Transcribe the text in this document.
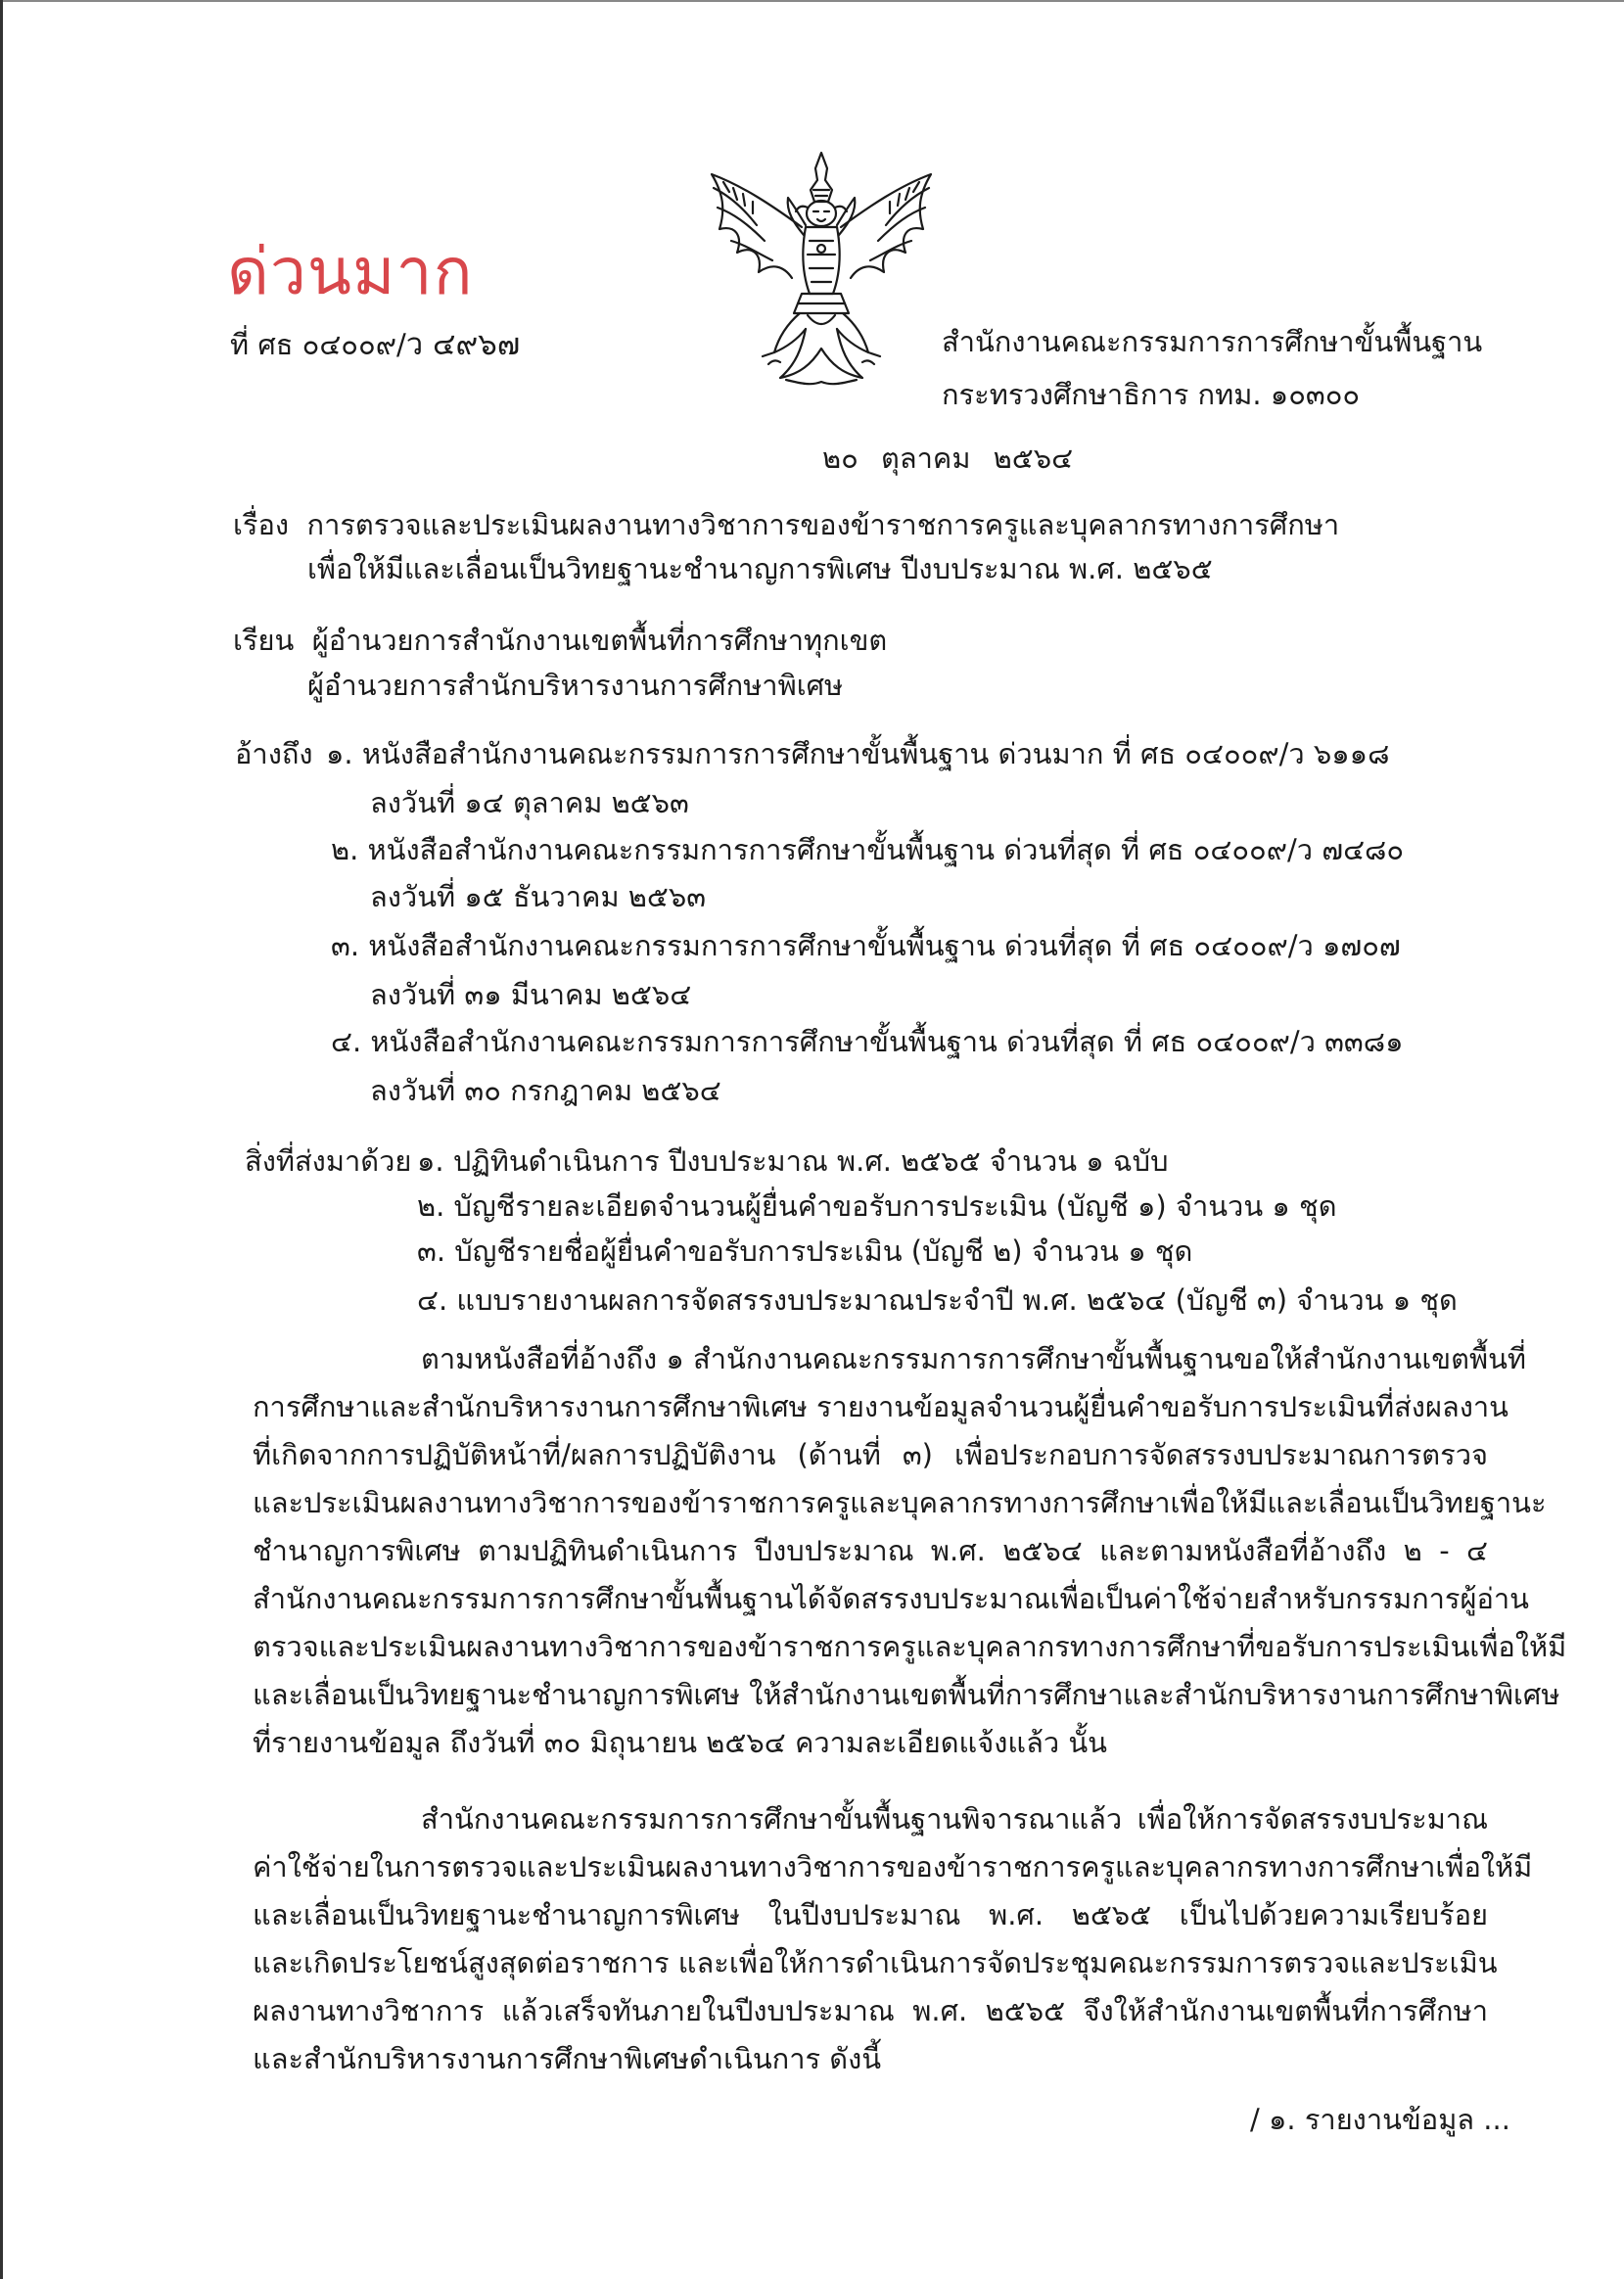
ด่วนมาก
ที่ ศธ ๐๔๐๐๙/ว ๔๙๖๗	สำนักงานคณะกรรมการการศึกษาขั้นพื้นฐาน
กระทรวงศึกษาธิการ กทม. ๑๐๓๐๐
๒๐ ตุลาคม ๒๕๖๔
เรื่อง การตรวจและประเมินผลงานทางวิชาการของข้าราชการครูและบุคลากรทางการศึกษา
เพื่อให้มีและเลื่อนเป็นวิทยฐานะชำนาญการพิเศษ ปีงบประมาณ พ.ศ. ๒๕๖๕
เรียน ผู้อำนวยการสำนักงานเขตพื้นที่การศึกษาทุกเขต
ผู้อำนวยการสำนักบริหารงานการศึกษาพิเศษ
อ้างถึง ๑. หนังสือสำนักงานคณะกรรมการการศึกษาขั้นพื้นฐาน ด่วนมาก ที่ ศธ ๐๔๐๐๙/ว ๖๑๑๘
ลงวันที่ ๑๔ ตุลาคม ๒๕๖๓
๒. หนังสือสำนักงานคณะกรรมการการศึกษาขั้นพื้นฐาน ด่วนที่สุด ที่ ศธ ๐๔๐๐๙/ว ๗๔๘๐
ลงวันที่ ๑๕ ธันวาคม ๒๕๖๓
๓. หนังสือสำนักงานคณะกรรมการการศึกษาขั้นพื้นฐาน ด่วนที่สุด ที่ ศธ ๐๔๐๐๙/ว ๑๗๐๗
ลงวันที่ ๓๑ มีนาคม ๒๕๖๔
๔. หนังสือสำนักงานคณะกรรมการการศึกษาขั้นพื้นฐาน ด่วนที่สุด ที่ ศธ ๐๔๐๐๙/ว ๓๓๘๑
ลงวันที่ ๓๐ กรกฎาคม ๒๕๖๔
สิ่งที่ส่งมาด้วย ๑. ปฏิทินดำเนินการ ปีงบประมาณ พ.ศ. ๒๕๖๕ จำนวน ๑ ฉบับ
๒. บัญชีรายละเอียดจำนวนผู้ยื่นคำขอรับการประเมิน (บัญชี ๑) จำนวน ๑ ชุด
๓. บัญชีรายชื่อผู้ยื่นคำขอรับการประเมิน (บัญชี ๒) จำนวน ๑ ชุด
๔. แบบรายงานผลการจัดสรรงบประมาณประจำปี พ.ศ. ๒๕๖๔ (บัญชี ๓) จำนวน ๑ ชุด

ตามหนังสือที่อ้างถึง ๑ สำนักงานคณะกรรมการการศึกษาขั้นพื้นฐานขอให้สำนักงานเขตพื้นที่

การศึกษาและสำนักบริหารงานการศึกษาพิเศษ รายงานข้อมูลจำนวนผู้ยื่นคำขอรับการประเมินที่ส่งผลงาน

ที่เกิดจากการปฏิบัติหน้าที่/ผลการปฏิบัติงาน (ด้านที่ ๓) เพื่อประกอบการจัดสรรงบประมาณการตรวจ

และประเมินผลงานทางวิชาการของข้าราชการครูและบุคลากรทางการศึกษาเพื่อให้มีและเลื่อนเป็นวิทยฐานะ

ชำนาญการพิเศษ ตามปฏิทินดำเนินการ ปีงบประมาณ พ.ศ. ๒๕๖๔ และตามหนังสือที่อ้างถึง ๒ - ๔

สำนักงานคณะกรรมการการศึกษาขั้นพื้นฐานได้จัดสรรงบประมาณเพื่อเป็นค่าใช้จ่ายสำหรับกรรมการผู้อ่าน

ตรวจและประเมินผลงานทางวิชาการของข้าราชการครูและบุคลากรทางการศึกษาที่ขอรับการประเมินเพื่อให้มี

และเลื่อนเป็นวิทยฐานะชำนาญการพิเศษ ให้สำนักงานเขตพื้นที่การศึกษาและสำนักบริหารงานการศึกษาพิเศษ

ที่รายงานข้อมูล ถึงวันที่ ๓๐ มิถุนายน ๒๕๖๔ ความละเอียดแจ้งแล้ว นั้น

สำนักงานคณะกรรมการการศึกษาขั้นพื้นฐานพิจารณาแล้ว เพื่อให้การจัดสรรงบประมาณ

ค่าใช้จ่ายในการตรวจและประเมินผลงานทางวิชาการของข้าราชการครูและบุคลากรทางการศึกษาเพื่อให้มี

และเลื่อนเป็นวิทยฐานะชำนาญการพิเศษ ในปีงบประมาณ พ.ศ. ๒๕๖๕ เป็นไปด้วยความเรียบร้อย

และเกิดประโยชน์สูงสุดต่อราชการ และเพื่อให้การดำเนินการจัดประชุมคณะกรรมการตรวจและประเมิน

ผลงานทางวิชาการ แล้วเสร็จทันภายในปีงบประมาณ พ.ศ. ๒๕๖๕ จึงให้สำนักงานเขตพื้นที่การศึกษา

และสำนักบริหารงานการศึกษาพิเศษดำเนินการ ดังนี้

/ ๑. รายงานข้อมูล ...
